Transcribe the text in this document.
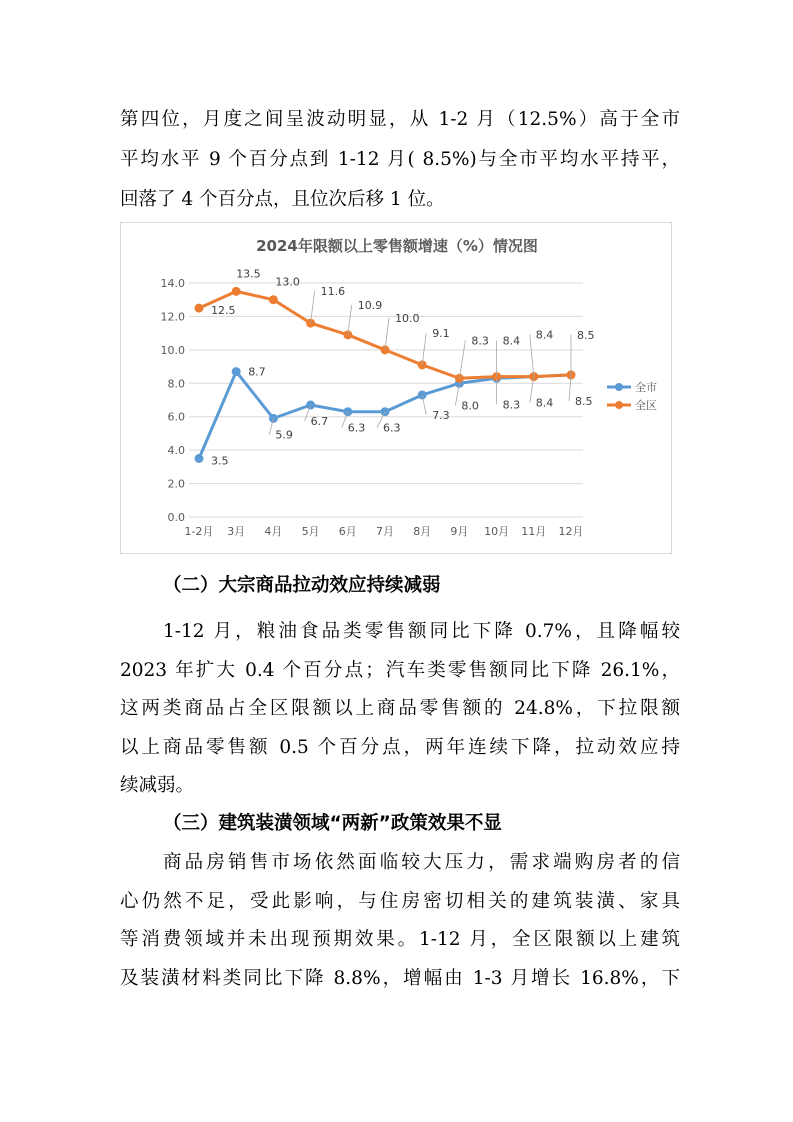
第四位，月度之间呈波动明显，从 1-2 月（12.5%）高于全市
平均水平 9 个百分点到 1-12 月( 8.5%)与全市平均水平持平，
回落了 4 个百分点，且位次后移 1 位。
2024年限额以上零售额增速（%）情况图
0.0
2.0
4.0
6.0
8.0
10.0
12.0
14.0
1-2月 3月 4月 5月 6月 7月 8月 9月 10月 11月 12月
3.5
8.7
5.9
6.7
6.3 6.3
7.3
8.0 8.3 8.4 8.5
12.5
13.5
13.0
11.6
10.9
10.0
9.1
8.3 8.4 8.4 8.5
全市
全区
（二）大宗商品拉动效应持续减弱
1-12 月，粮油食品类零售额同比下降 0.7%，且降幅较
2023 年扩大 0.4 个百分点；汽车类零售额同比下降 26.1%，
这两类商品占全区限额以上商品零售额的 24.8%，下拉限额
以上商品零售额 0.5 个百分点，两年连续下降，拉动效应持
续减弱。
（三）建筑装潢领域“两新”政策效果不显
商品房销售市场依然面临较大压力，需求端购房者的信
心仍然不足，受此影响，与住房密切相关的建筑装潢、家具
等消费领域并未出现预期效果。1-12 月，全区限额以上建筑
及装潢材料类同比下降 8.8%，增幅由 1-3 月增长 16.8%，下
